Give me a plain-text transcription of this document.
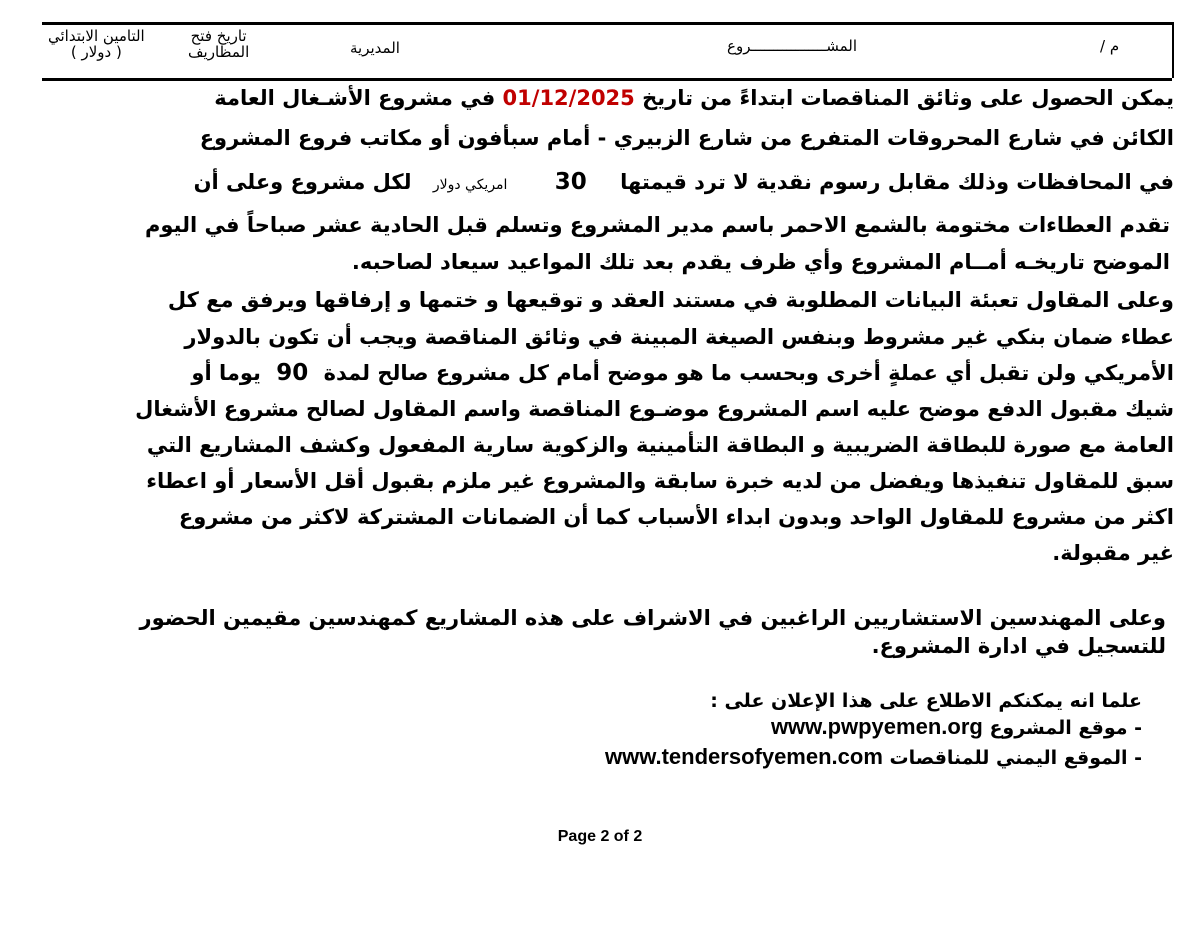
م /
المشـــــــــــــــــروع
المديرية
تاريخ فتح
المظاريف
التامين الابتدائي
( دولار )
يمكن الحصول على وثائق المناقصات ابتداءً من تاريخ 01/12/2025 في مشروع الأشـغال العامة
الكائن في شارع المحروقات المتفرع من شارع الزبيري - أمام سبأفون أو مكاتب فروع المشروع
في المحافظات وذلك مقابل رسوم نقدية لا ترد قيمتها 30 امريكي دولار لكل مشروع وعلى أن
تقدم العطاءات مختومة بالشمع الاحمر باسم مدير المشروع وتسلم قبل الحادية عشر صباحاً في اليوم
الموضح تاريخـه أمــام المشروع وأي ظرف يقدم بعد تلك المواعيد سيعاد لصاحبه.
وعلى المقاول تعبئة البيانات المطلوبة في مستند العقد و توقيعها و ختمها و إرفاقها ويرفق مع كل
عطاء ضمان بنكي غير مشروط وبنفس الصيغة المبينة في وثائق المناقصة ويجب أن تكون بالدولار
الأمريكي ولن تقبل أي عملةٍ أخرى وبحسب ما هو موضح أمام كل مشروع صالح لمدة 90 يوما أو
شيك مقبول الدفع موضح عليه اسم المشروع موضـوع المناقصة واسم المقاول لصالح مشروع الأشغال
العامة مع صورة للبطاقة الضريبية و البطاقة التأمينية والزكوية سارية المفعول وكشف المشاريع التي
سبق للمقاول تنفيذها ويفضل من لديه خبرة سابقة والمشروع غير ملزم بقبول أقل الأسعار أو اعطاء
اكثر من مشروع للمقاول الواحد وبدون ابداء الأسباب كما أن الضمانات المشتركة لاكثر من مشروع
غير مقبولة.
وعلى المهندسين الاستشاريين الراغبين في الاشراف على هذه المشاريع كمهندسين مقيمين الحضور
للتسجيل في ادارة المشروع.
علما انه يمكنكم الاطلاع على هذا الإعلان على :
- موقع المشروع www.pwpyemen.org
- الموقع اليمني للمناقصات www.tendersofyemen.com
Page 2 of 2
